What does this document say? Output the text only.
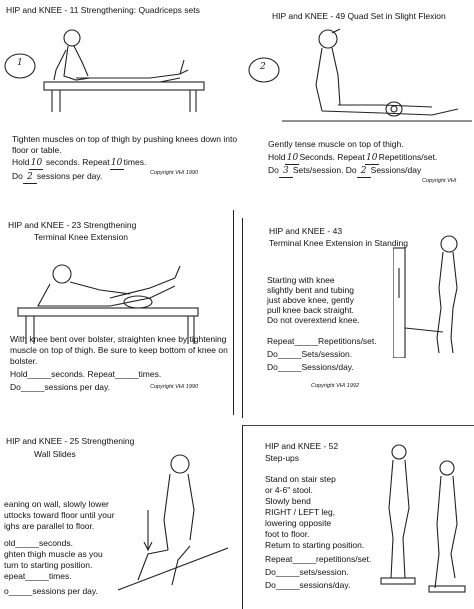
HIP and KNEE - 11 Strengthening: Quadriceps sets
1
Tighten muscles on top of thigh by pushing knees down into
floor or table.
Hold10 seconds. Repeat10times.
Do 2 sessions per day.	Copyright VHI 1990
HIP and KNEE - 49 Quad Set in Slight Flexion
2
Gently tense muscle on top of thigh.
Hold10Seconds. Repeat10Repetitions/set.
Do 3 Sets/session. Do 2 Sessions/day
Copyright VHI
HIP and KNEE - 23 Strengthening
Terminal Knee Extension
With knee bent over bolster, straighten knee by tightening
muscle on top of thigh. Be sure to keep bottom of knee on
bolster.
Hold_____seconds. Repeat_____times.
Do_____sessions per day.	Copyright VHI 1990
HIP and KNEE - 43
Terminal Knee Extension in Standing
Starting with knee
slightly bent and tubing
just above knee, gently
pull knee back straight.
Do not overextend knee.
Repeat_____Repetitions/set.
Do_____Sets/session.
Do_____Sessions/day.
Copyright VHI 1992
HIP and KNEE - 25 Strengthening
Wall Slides
eaning on wall, slowly lower
uttocks toward floor until your
ighs are parallel to floor.
old_____seconds.
ghten thigh muscle as you
turn to starting position.
epeat_____times.
o_____sessions per day.
HIP and KNEE - 52
Step-ups
Stand on stair step
or 4-6" stool.
Slowly bend
RIGHT / LEFT leg,
lowering opposite
foot to floor.
Return to starting position.
Repeat_____repetitions/set.
Do_____sets/session.
Do_____sessions/day.
